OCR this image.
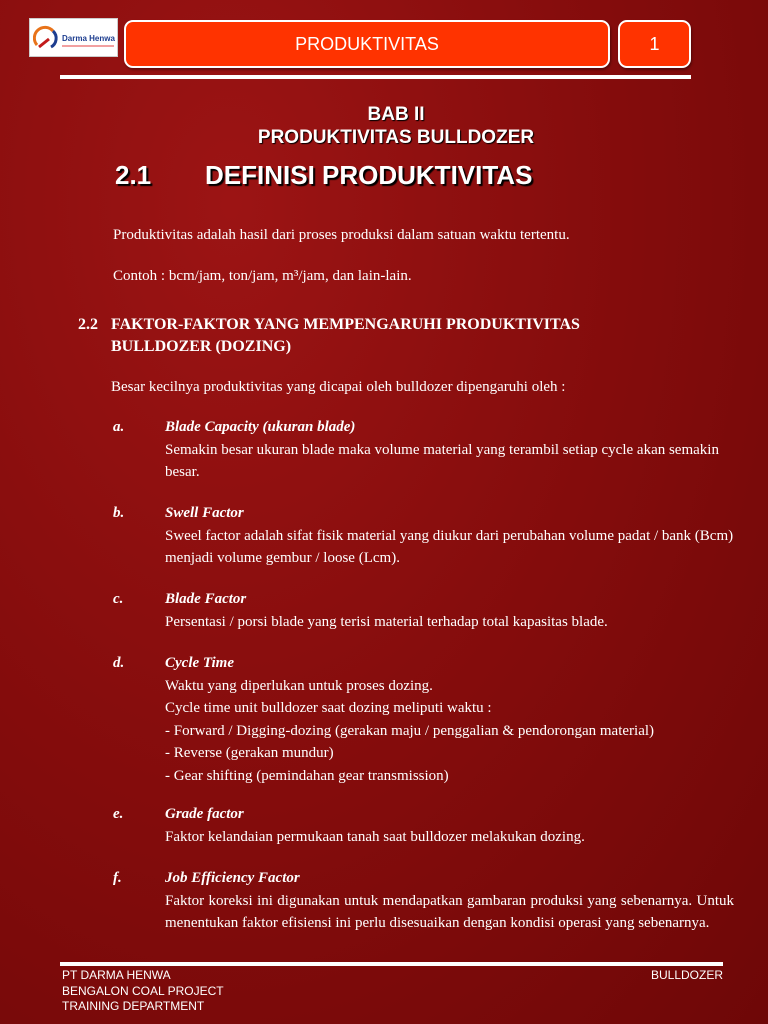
Darma Henwa	PRODUKTIVITAS	1
BAB II
PRODUKTIVITAS BULLDOZER
2.1 DEFINISI PRODUKTIVITAS
Produktivitas adalah hasil dari proses produksi dalam satuan waktu tertentu.
Contoh : bcm/jam, ton/jam, m³/jam, dan lain-lain.
2.2 FAKTOR-FAKTOR YANG MEMPENGARUHI PRODUKTIVITAS
BULLDOZER (DOZING)
Besar kecilnya produktivitas yang dicapai oleh bulldozer dipengaruhi oleh :
a.	Blade Capacity (ukuran blade)
Semakin besar ukuran blade maka volume material yang terambil setiap cycle akan semakin besar.
b.	Swell Factor
Sweel factor adalah sifat fisik material yang diukur dari perubahan volume padat / bank (Bcm) menjadi volume gembur / loose (Lcm).
c.	Blade Factor
Persentasi / porsi blade yang terisi material terhadap total kapasitas blade.
d.	Cycle Time
Waktu yang diperlukan untuk proses dozing.
Cycle time unit bulldozer saat dozing meliputi waktu :
- Forward / Digging-dozing (gerakan maju / penggalian & pendorongan material)
- Reverse (gerakan mundur)
- Gear shifting (pemindahan gear transmission)
e.	Grade factor
Faktor kelandaian permukaan tanah saat bulldozer melakukan dozing.
f.	Job Efficiency Factor
Faktor koreksi ini digunakan untuk mendapatkan gambaran produksi yang sebenarnya. Untuk menentukan faktor efisiensi ini perlu disesuaikan dengan kondisi operasi yang sebenarnya.
PT DARMA HENWA
BENGALON COAL PROJECT
TRAINING DEPARTMENT
BULLDOZER
